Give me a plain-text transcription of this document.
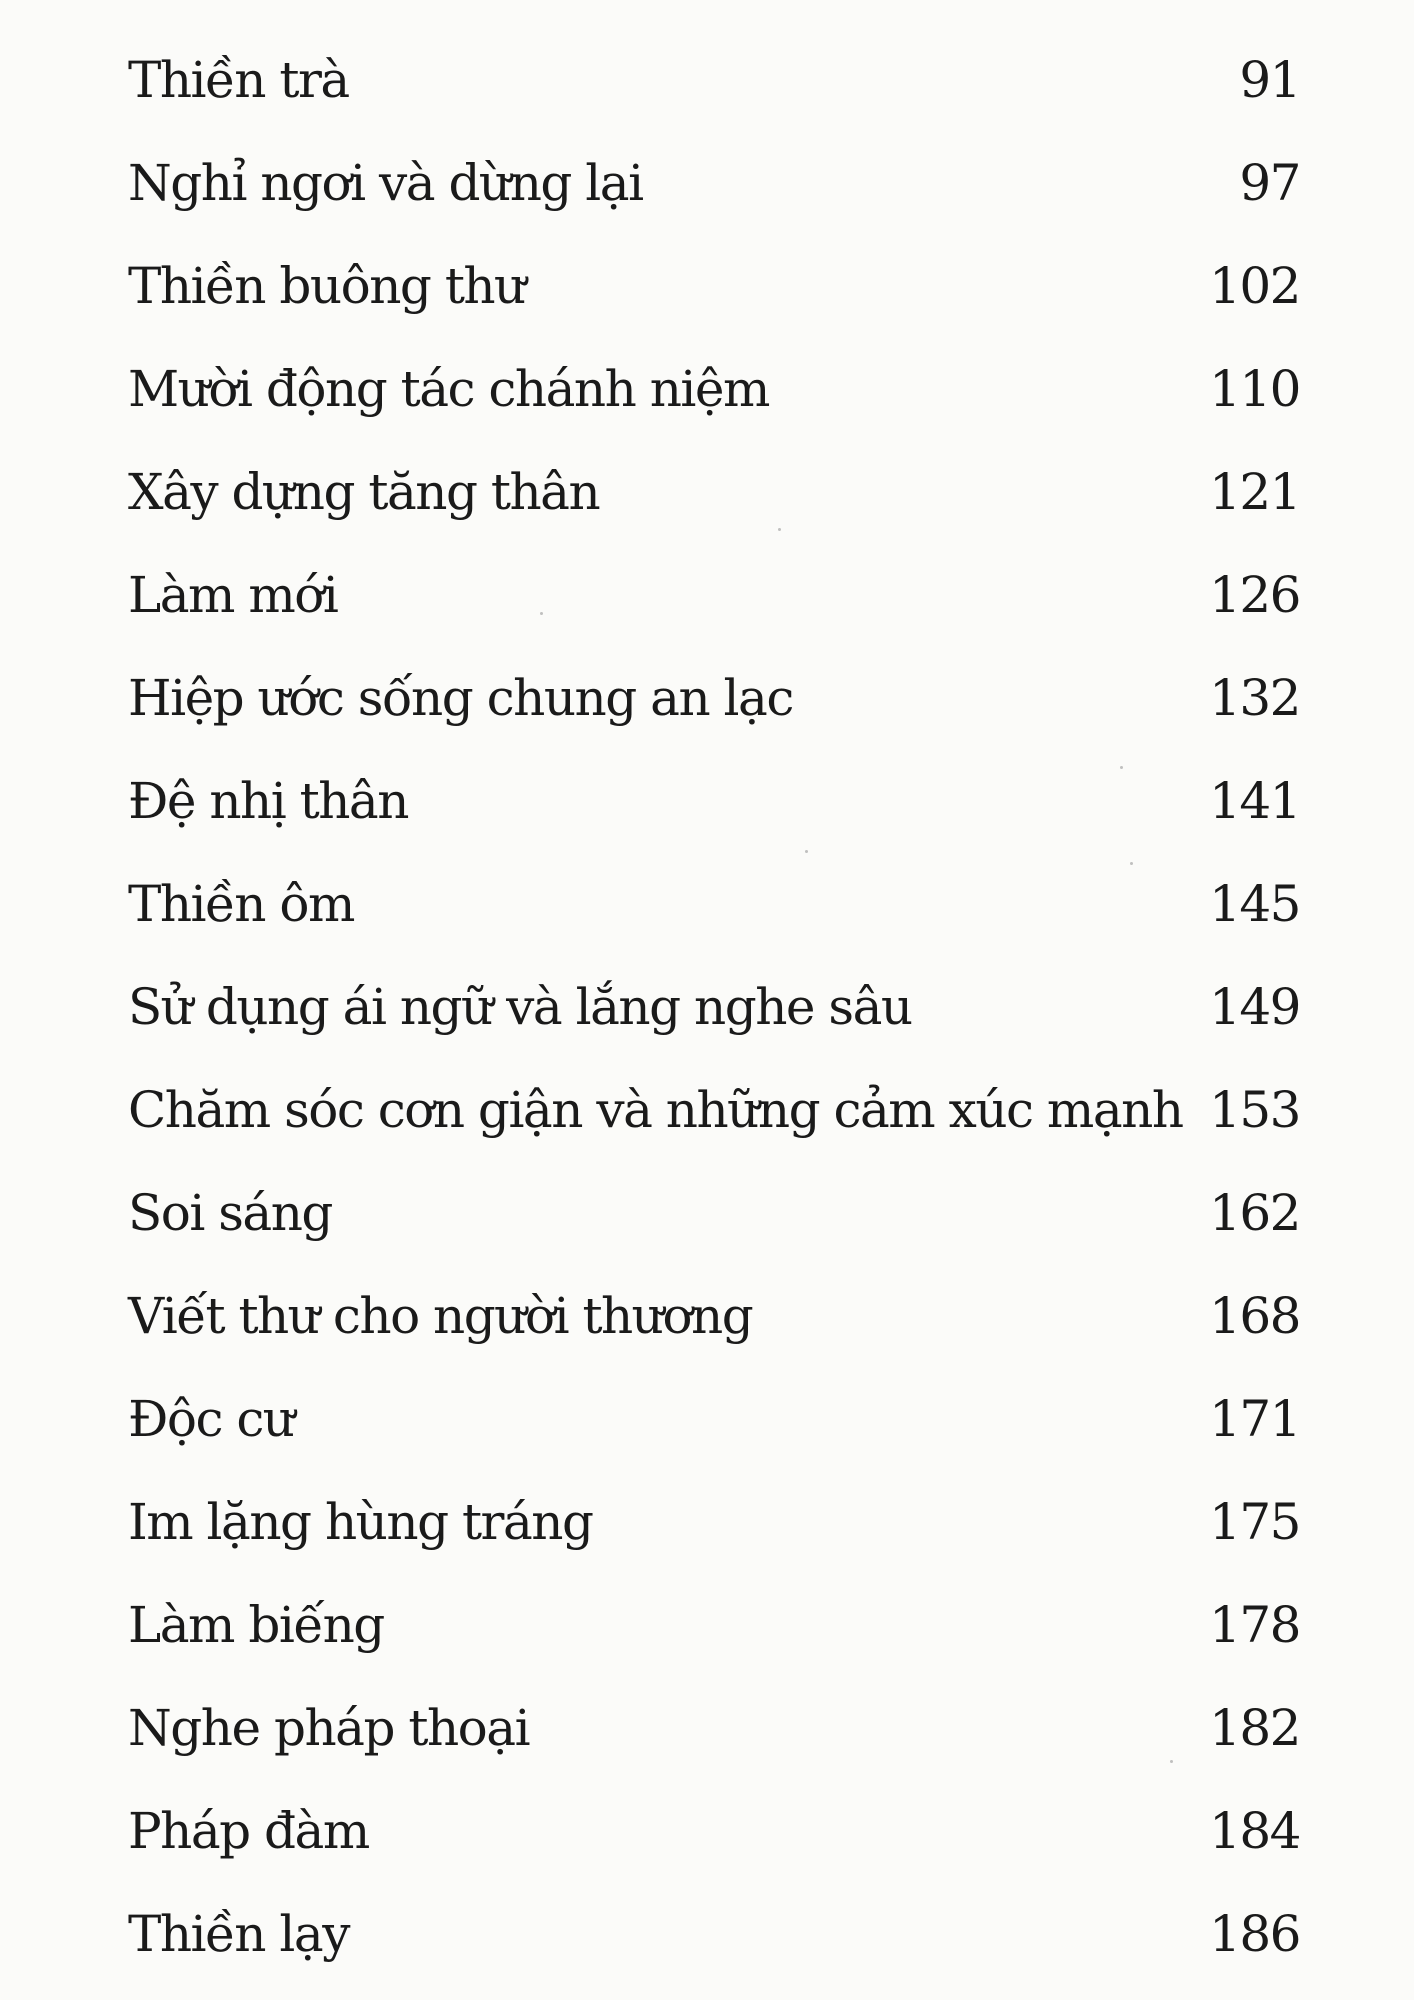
Thiền trà	91
Nghỉ ngơi và dừng lại	97
Thiền buông thư	102
Mười động tác chánh niệm	110
Xây dựng tăng thân	121
Làm mới	126
Hiệp ước sống chung an lạc	132
Đệ nhị thân	141
Thiền ôm	145
Sử dụng ái ngữ và lắng nghe sâu	149
Chăm sóc cơn giận và những cảm xúc mạnh 153
Soi sáng	162
Viết thư cho người thương	168
Độc cư	171
Im lặng hùng tráng	175
Làm biếng	178
Nghe pháp thoại	182
Pháp đàm	184
Thiền lạy	186
